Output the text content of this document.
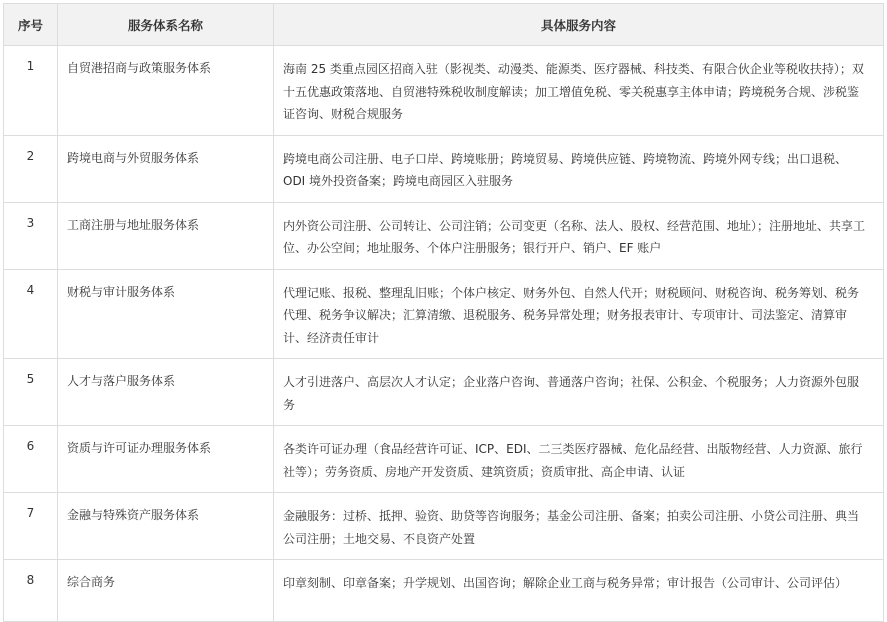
序号	服务体系名称	具体服务内容
1	自贸港招商与政策服务体系	海南 25 类重点园区招商入驻（影视类、动漫类、能源类、医疗器械、科技类、有限合伙企业等税收扶持）；双十五优惠政策落地、自贸港特殊税收制度解读；加工增值免税、零关税惠享主体申请；跨境税务合规、涉税鉴证咨询、财税合规服务
2	跨境电商与外贸服务体系	跨境电商公司注册、电子口岸、跨境账册；跨境贸易、跨境供应链、跨境物流、跨境外网专线；出口退税、ODI 境外投资备案；跨境电商园区入驻服务
3	工商注册与地址服务体系	内外资公司注册、公司转让、公司注销；公司变更（名称、法人、股权、经营范围、地址）；注册地址、共享工位、办公空间；地址服务、个体户注册服务；银行开户、销户、EF 账户
4	财税与审计服务体系	代理记账、报税、整理乱旧账；个体户核定、财务外包、自然人代开；财税顾问、财税咨询、税务筹划、税务代理、税务争议解决；汇算清缴、退税服务、税务异常处理；财务报表审计、专项审计、司法鉴定、清算审计、经济责任审计
5	人才与落户服务体系	人才引进落户、高层次人才认定；企业落户咨询、普通落户咨询；社保、公积金、个税服务；人力资源外包服务
6	资质与许可证办理服务体系	各类许可证办理（食品经营许可证、ICP、EDI、二三类医疗器械、危化品经营、出版物经营、人力资源、旅行社等）；劳务资质、房地产开发资质、建筑资质；资质审批、高企申请、认证
7	金融与特殊资产服务体系	金融服务：过桥、抵押、验资、助贷等咨询服务；基金公司注册、备案；拍卖公司注册、小贷公司注册、典当公司注册；土地交易、不良资产处置
8	综合商务	印章刻制、印章备案；升学规划、出国咨询；解除企业工商与税务异常；审计报告（公司审计、公司评估）
